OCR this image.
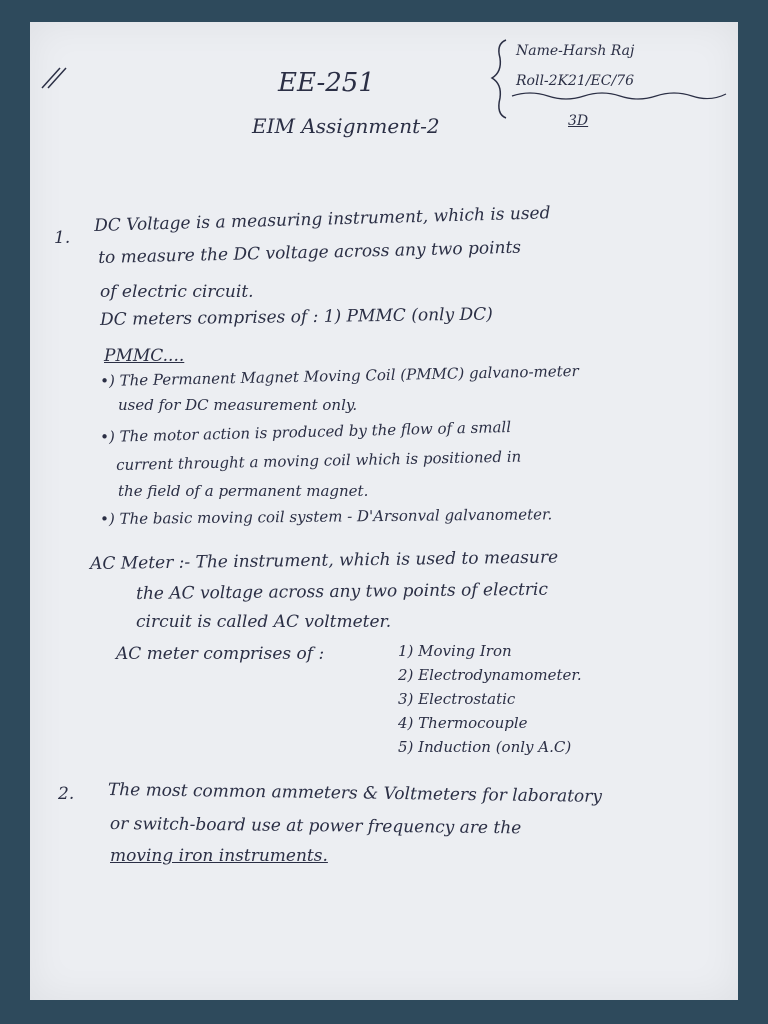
EE-251
EIM Assignment-2
Name-Harsh Raj
Roll-2K21/EC/76
3D
1.
DC Voltage is a measuring instrument, which is used
to measure the DC voltage across any two points
of electric circuit.
DC meters comprises of : 1) PMMC (only DC)
PMMC....
•) The Permanent Magnet Moving Coil (PMMC) galvano-meter
used for DC measurement only.
•) The motor action is produced by the flow of a small
current throught a moving coil which is positioned in
the field of a permanent magnet.
•) The basic moving coil system - D'Arsonval galvanometer.
AC Meter :- The instrument, which is used to measure
the AC voltage across any two points of electric
circuit is called AC voltmeter.
AC meter comprises of :	1) Moving Iron
2) Electrodynamometer.
3) Electrostatic
4) Thermocouple
5) Induction (only A.C)
2. The most common ammeters & Voltmeters for laboratory
or switch-board use at power frequency are the
moving iron instruments.
